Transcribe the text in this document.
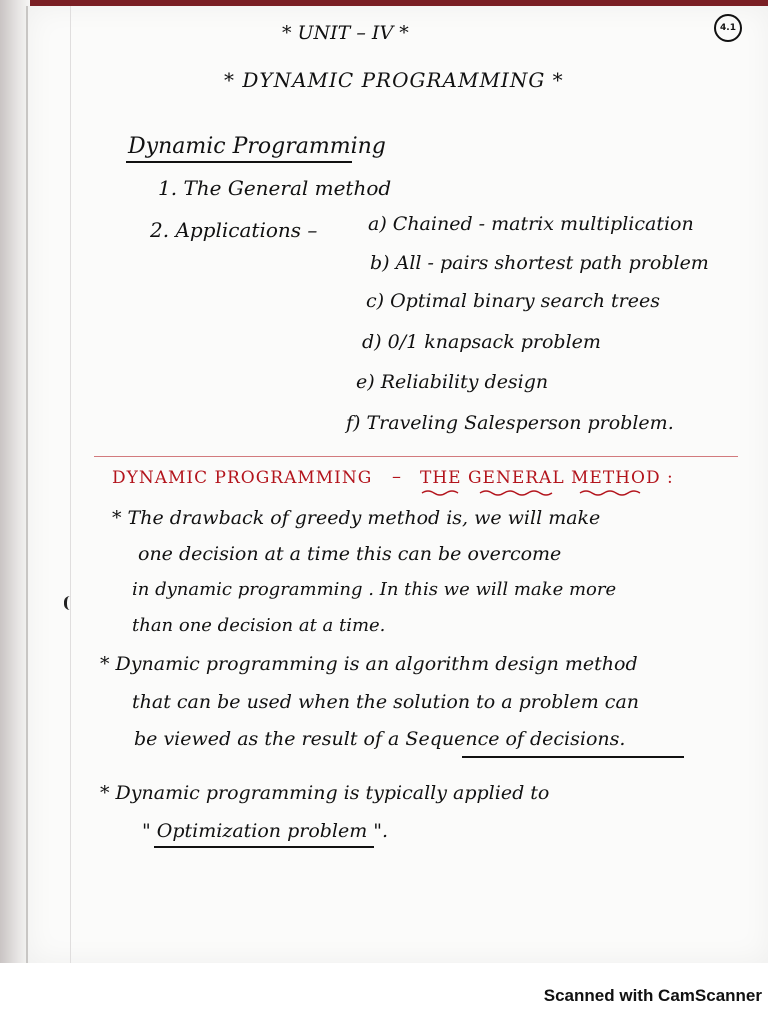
4.1
* UNIT – IV *
* DYNAMIC PROGRAMMING *
Dynamic Programming
1. The General method
2. Applications –	a) Chained - matrix multiplication
b) All - pairs shortest path problem
c) Optimal binary search trees
d) 0/1 knapsack problem
e) Reliability design
f) Traveling Salesperson problem.
DYNAMIC PROGRAMMING – THE GENERAL METHOD :
* The drawback of greedy method is, we will make
one decision at a time this can be overcome
in dynamic programming . In this we will make more
than one decision at a time.
* Dynamic programming is an algorithm design method
that can be used when the solution to a problem can
be viewed as the result of a Sequence of decisions.
* Dynamic programming is typically applied to
" Optimization problem ".
Scanned with CamScanner
